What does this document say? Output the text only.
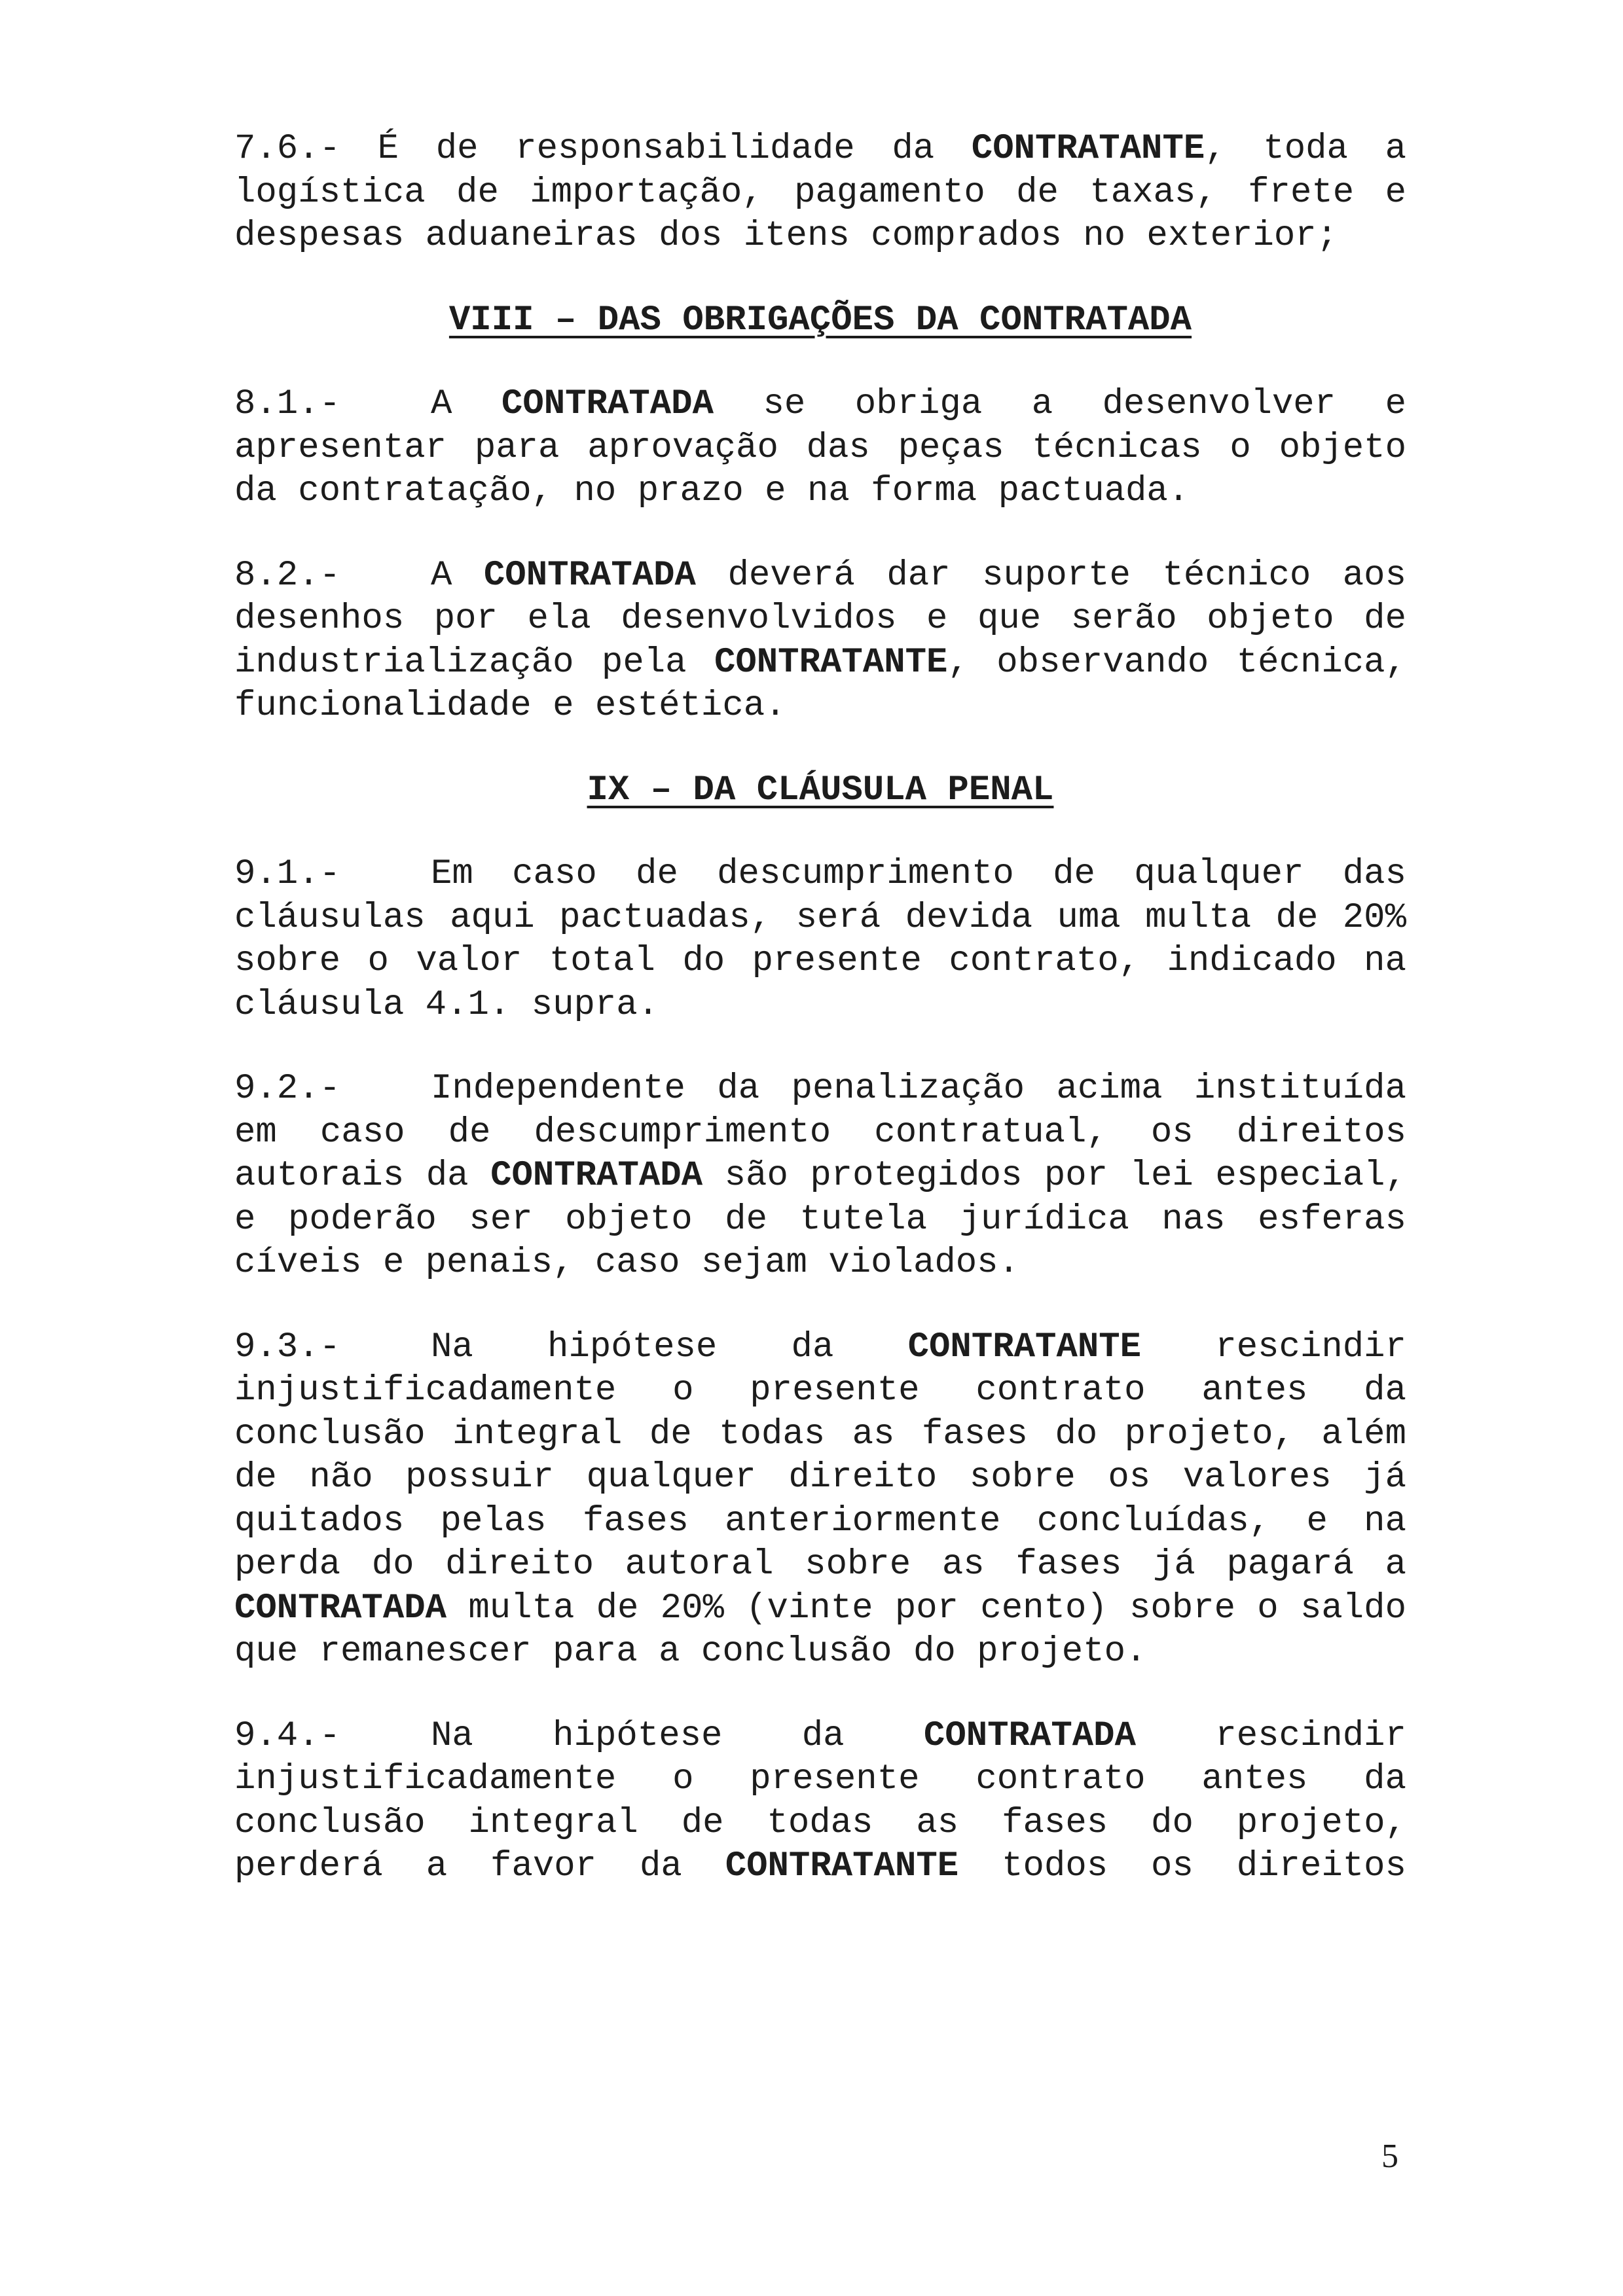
7.6.- É de responsabilidade da CONTRATANTE, toda a logística de importação, pagamento de taxas, frete e despesas aduaneiras dos itens comprados no exterior;

VIII – DAS OBRIGAÇÕES DA CONTRATADA

8.1.-	A CONTRATADA se obriga a desenvolver e apresentar para aprovação das peças técnicas o objeto da contratação, no prazo e na forma pactuada.

8.2.-	A CONTRATADA deverá dar suporte técnico aos desenhos por ela desenvolvidos e que serão objeto de industrialização pela CONTRATANTE, observando técnica, funcionalidade e estética.

IX – DA CLÁUSULA PENAL

9.1.-	Em caso de descumprimento de qualquer das cláusulas aqui pactuadas, será devida uma multa de 20% sobre o valor total do presente contrato, indicado na cláusula 4.1. supra.

9.2.-	Independente da penalização acima instituída em caso de descumprimento contratual, os direitos autorais da CONTRATADA são protegidos por lei especial, e poderão ser objeto de tutela jurídica nas esferas cíveis e penais, caso sejam violados.

9.3.-	Na hipótese da CONTRATANTE rescindir injustificadamente o presente contrato antes da conclusão integral de todas as fases do projeto, além de não possuir qualquer direito sobre os valores já quitados pelas fases anteriormente concluídas, e na perda do direito autoral sobre as fases já pagará a CONTRATADA multa de 20% (vinte por cento) sobre o saldo que remanescer para a conclusão do projeto.

9.4.-	Na hipótese da CONTRATADA rescindir injustificadamente o presente contrato antes da conclusão integral de todas as fases do projeto, perderá a favor da CONTRATANTE todos os direitos

5
